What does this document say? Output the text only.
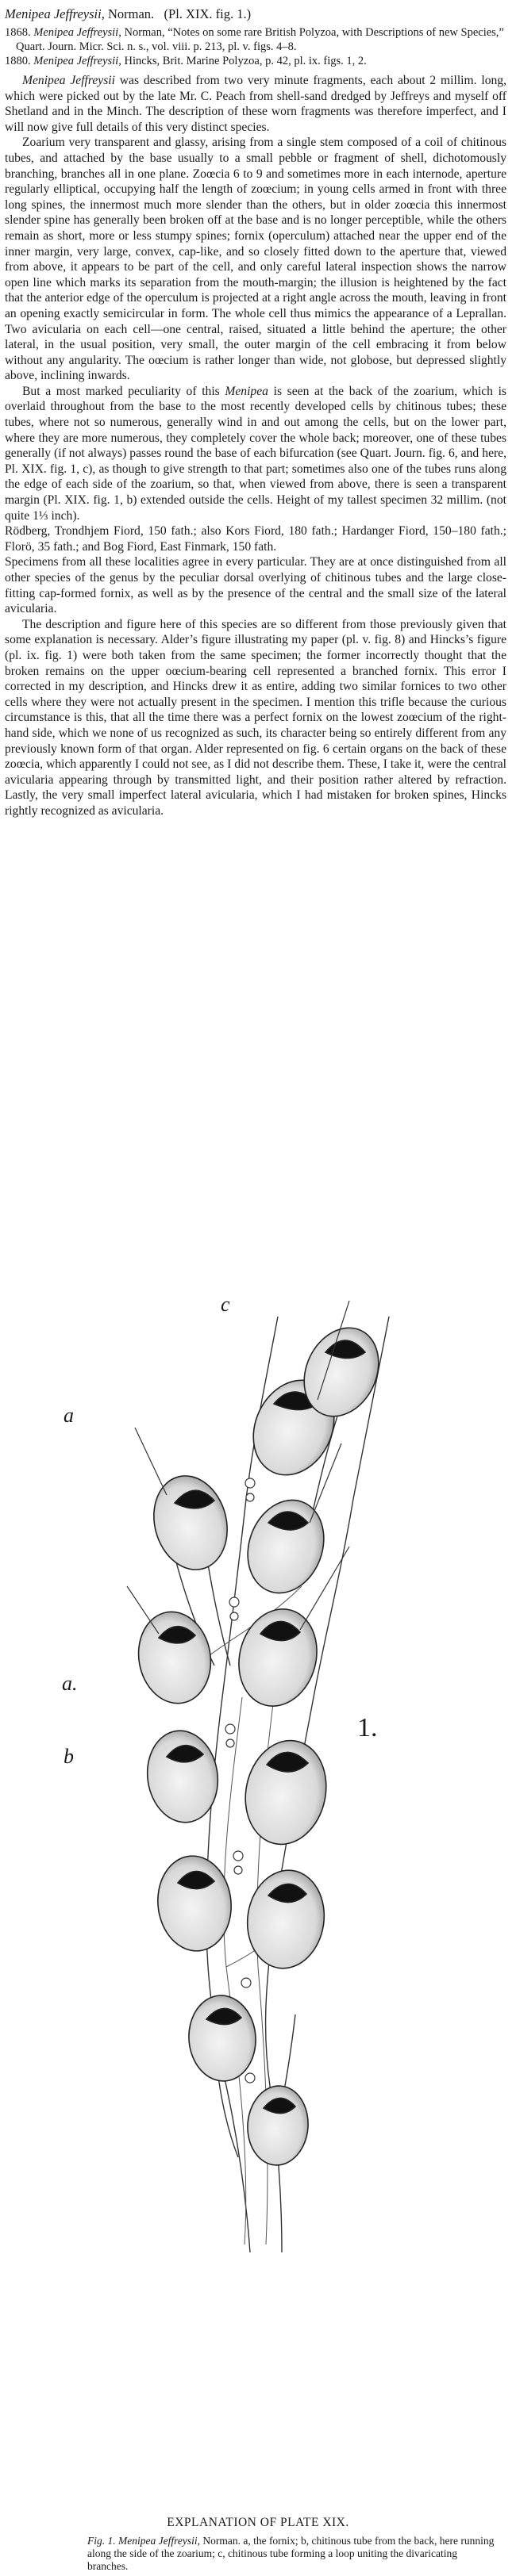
Menipea Jeffreysii, Norman. (Pl. XIX. fig. 1.)

1868. Menipea Jeffreysii, Norman, “Notes on some rare British Polyzoa, with Descriptions of new Species,” Quart. Journ. Micr. Sci. n. s., vol. viii. p. 213, pl. v. figs. 4–8.

1880. Menipea Jeffreysii, Hincks, Brit. Marine Polyzoa, p. 42, pl. ix. figs. 1, 2.

Menipea Jeffreysii was described from two very minute fragments, each about 2 millim. long, which were picked out by the late Mr. C. Peach from shell-sand dredged by Jeffreys and myself off Shetland and in the Minch. The description of these worn fragments was therefore imperfect, and I will now give full details of this very distinct species.

Zoarium very transparent and glassy, arising from a single stem composed of a coil of chitinous tubes, and attached by the base usually to a small pebble or fragment of shell, dichotomously branching, branches all in one plane. Zoœcia 6 to 9 and sometimes more in each internode, aperture regularly elliptical, occupying half the length of zoœcium; in young cells armed in front with three long spines, the innermost much more slender than the others, but in older zoœcia this innermost slender spine has generally been broken off at the base and is no longer perceptible, while the others remain as short, more or less stumpy spines; fornix (operculum) attached near the upper end of the inner margin, very large, convex, cap-like, and so closely fitted down to the aperture that, viewed from above, it appears to be part of the cell, and only careful lateral inspection shows the narrow open line which marks its separation from the mouth-margin; the illusion is heightened by the fact that the anterior edge of the operculum is projected at a right angle across the mouth, leaving in front an opening exactly semicircular in form. The whole cell thus mimics the appearance of a Leprallan. Two avicularia on each cell—one central, raised, situated a little behind the aperture; the other lateral, in the usual position, very small, the outer margin of the cell embracing it from below without any angularity. The oœcium is rather longer than wide, not globose, but depressed slightly above, inclining inwards.

But a most marked peculiarity of this Menipea is seen at the back of the zoarium, which is overlaid throughout from the base to the most recently developed cells by chitinous tubes; these tubes, where not so numerous, generally wind in and out among the cells, but on the lower part, where they are more numerous, they completely cover the whole back; moreover, one of these tubes generally (if not always) passes round the base of each bifurcation (see Quart. Journ. fig. 6, and here, Pl. XIX. fig. 1, c), as though to give strength to that part; sometimes also one of the tubes runs along the edge of each side of the zoarium, so that, when viewed from above, there is seen a transparent margin (Pl. XIX. fig. 1, b) extended outside the cells. Height of my tallest specimen 32 millim. (not quite 1⅓ inch).

Rödberg, Trondhjem Fiord, 150 fath.; also Kors Fiord, 180 fath.; Hardanger Fiord, 150–180 fath.; Florö, 35 fath.; and Bog Fiord, East Finmark, 150 fath.

Specimens from all these localities agree in every particular. They are at once distinguished from all other species of the genus by the peculiar dorsal overlying of chitinous tubes and the large close-fitting cap-formed fornix, as well as by the presence of the central and the small size of the lateral avicularia.

The description and figure here of this species are so different from those previously given that some explanation is necessary. Alder’s figure illustrating my paper (pl. v. fig. 8) and Hincks’s figure (pl. ix. fig. 1) were both taken from the same specimen; the former incorrectly thought that the broken remains on the upper oœcium-bearing cell represented a branched fornix. This error I corrected in my description, and Hincks drew it as entire, adding two similar fornices to two other cells where they were not actually present in the specimen. I mention this trifle because the curious circumstance is this, that all the time there was a perfect fornix on the lowest zoœcium of the right-hand side, which we none of us recognized as such, its character being so entirely different from any previously known form of that organ. Alder represented on fig. 6 certain organs on the back of these zoœcia, which apparently I could not see, as I did not describe them. These, I take it, were the central avicularia appearing through by transmitted light, and their position rather altered by refraction. Lastly, the very small imperfect lateral avicularia, which I had mistaken for broken spines, Hincks rightly recognized as avicularia.

c
a
a.
b
1.

EXPLANATION OF PLATE XIX.

Fig. 1. Menipea Jeffreysii, Norman. a, the fornix; b, chitinous tube from the back, here running along the side of the zoarium; c, chitinous tube forming a loop uniting the divaricating branches.
